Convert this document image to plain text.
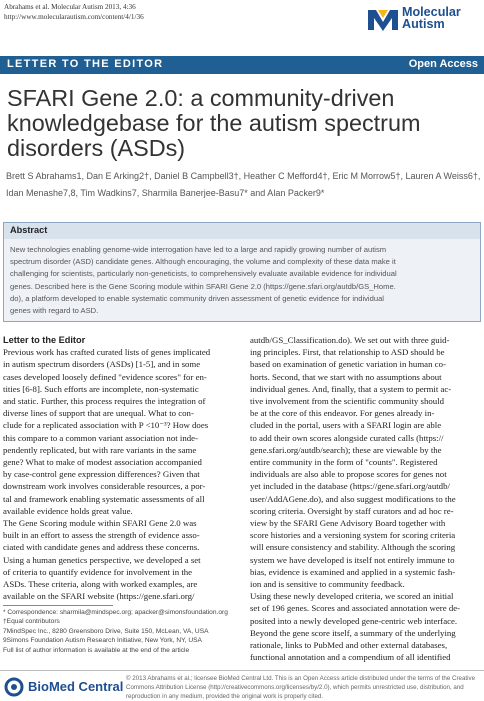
Abrahams et al. Molecular Autism 2013, 4:36
http://www.molecularautism.com/content/4/1/36	Molecular
Autism
LETTER TO THE EDITOR	Open Access
SFARI Gene 2.0: a community-driven
knowledgebase for the autism spectrum
disorders (ASDs)
Brett S Abrahams1, Dan E Arking2†, Daniel B Campbell3†, Heather C Mefford4†, Eric M Morrow5†, Lauren A Weiss6†,
Idan Menashe7,8, Tim Wadkins7, Sharmila Banerjee-Basu7* and Alan Packer9*
Abstract
New technologies enabling genome-wide interrogation have led to a large and rapidly growing number of autism
spectrum disorder (ASD) candidate genes. Although encouraging, the volume and complexity of these data make it
challenging for scientists, particularly non-geneticists, to comprehensively evaluate available evidence for individual
genes. Described here is the Gene Scoring module within SFARI Gene 2.0 (https://gene.sfari.org/autdb/GS_Home.
do), a platform developed to enable systematic community driven assessment of genetic evidence for individual
genes with regard to ASD.
Letter to the Editor
Previous work has crafted curated lists of genes implicated
in autism spectrum disorders (ASDs) [1-5], and in some
cases developed loosely defined "evidence scores" for en-
tities [6-8]. Such efforts are incomplete, non-systematic
and static. Further, this process requires the integration of
diverse lines of support that are unequal. What to con-
clude for a replicated association with P <10⁻³? How does
this compare to a common variant association not inde-
pendently replicated, but with rare variants in the same
gene? What to make of modest association accompanied
by case-control gene expression differences? Given that
downstream work involves considerable resources, a por-
tal and framework enabling systematic assessments of all
available evidence holds great value.
The Gene Scoring module within SFARI Gene 2.0 was
built in an effort to assess the strength of evidence asso-
ciated with candidate genes and address these concerns.
Using a human genetics perspective, we developed a set
of criteria to quantify evidence for involvement in the
ASDs. These criteria, along with worked examples, are
available on the SFARI website (https://gene.sfari.org/
autdb/GS_Classification.do). We set out with three guid-
ing principles. First, that relationship to ASD should be
based on examination of genetic variation in human co-
horts. Second, that we start with no assumptions about
individual genes. And, finally, that a system to permit ac-
tive involvement from the scientific community should
be at the core of this endeavor. For genes already in-
cluded in the portal, users with a SFARI login are able
to add their own scores alongside curated calls (https://
gene.sfari.org/autdb/search); these are viewable by the
entire community in the form of "counts". Registered
individuals are also able to propose scores for genes not
yet included in the database (https://gene.sfari.org/autdb/
user/AddAGene.do), and also suggest modifications to the
scoring criteria. Oversight by staff curators and ad hoc re-
view by the SFARI Gene Advisory Board together with
score histories and a versioning system for scoring criteria
will ensure consistency and stability. Although the scoring
system we have developed is itself not entirely immune to
bias, evidence is examined and applied in a systemic fash-
ion and is sensitive to community feedback.
Using these newly developed criteria, we scored an initial
set of 196 genes. Scores and associated annotation were de-
posited into a newly developed gene-centric web interface.
Beyond the gene score itself, a summary of the underlying
rationale, links to PubMed and other external databases,
functional annotation and a compendium of all identified
* Correspondence: sharmila@mindspec.org; apacker@simonsfoundation.org
†Equal contributors
7MindSpec Inc., 8280 Greensboro Drive, Suite 150, McLean, VA, USA
9Simons Foundation Autism Research Initiative, New York, NY, USA
Full list of author information is available at the end of the article
BioMed Central
© 2013 Abrahams et al.; licensee BioMed Central Ltd. This is an Open Access article distributed under the terms of the Creative
Commons Attribution License (http://creativecommons.org/licenses/by/2.0), which permits unrestricted use, distribution, and
reproduction in any medium, provided the original work is properly cited.
